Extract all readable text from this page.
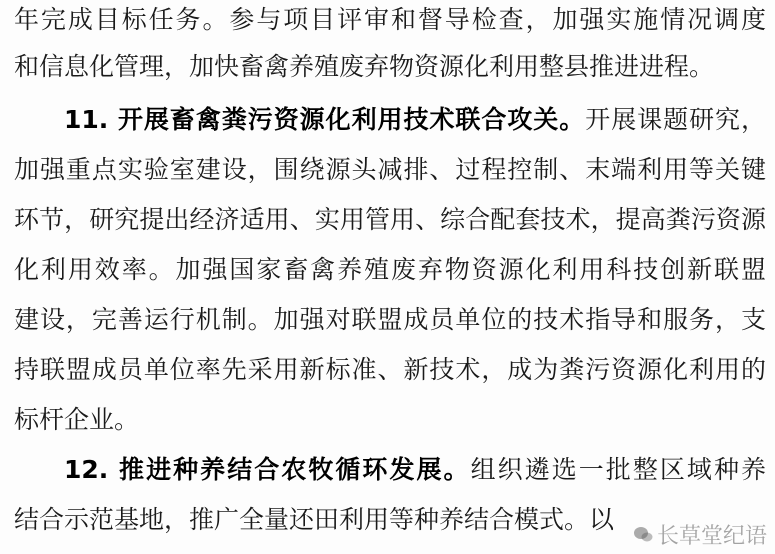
年完成目标任务。参与项目评审和督导检查，加强实施情况调度
和信息化管理，加快畜禽养殖废弃物资源化利用整县推进进程。
11. 开展畜禽粪污资源化利用技术联合攻关。开展课题研究，
加强重点实验室建设，围绕源头减排、过程控制、末端利用等关键
环节，研究提出经济适用、实用管用、综合配套技术，提高粪污资源
化利用效率。加强国家畜禽养殖废弃物资源化利用科技创新联盟
建设，完善运行机制。加强对联盟成员单位的技术指导和服务，支
持联盟成员单位率先采用新标准、新技术，成为粪污资源化利用的
标杆企业。
12. 推进种养结合农牧循环发展。组织遴选一批整区域种养
结合示范基地，推广全量还田利用等种养结合模式。以
长草堂纪语
